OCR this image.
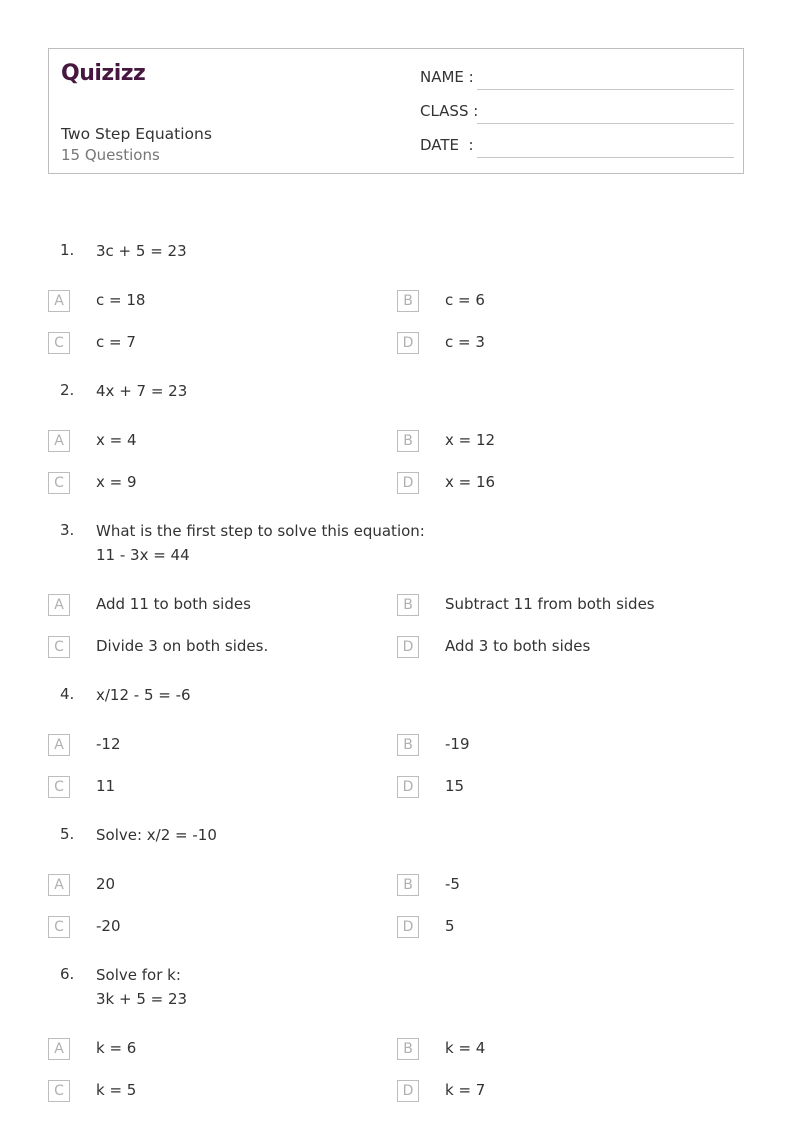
Quizizz
Two Step Equations
15 Questions
NAME :
CLASS :
DATE  :
1. 3c + 5 = 23
A	c = 18	B	c = 6
C	c = 7	D	c = 3
2. 4x + 7 = 23
A	x = 4	B	x = 12
C	x = 9	D	x = 16
3. What is the first step to solve this equation:
11 - 3x = 44
A	Add 11 to both sides	B	Subtract 11 from both sides
C	Divide 3 on both sides.	D	Add 3 to both sides
4. x/12 - 5 = -6
A	-12	B	-19
C	11	D	15
5. Solve: x/2 = -10
A	20	B	-5
C	-20	D	5
6. Solve for k:
3k + 5 = 23
A	k = 6	B	k = 4
C	k = 5	D	k = 7
